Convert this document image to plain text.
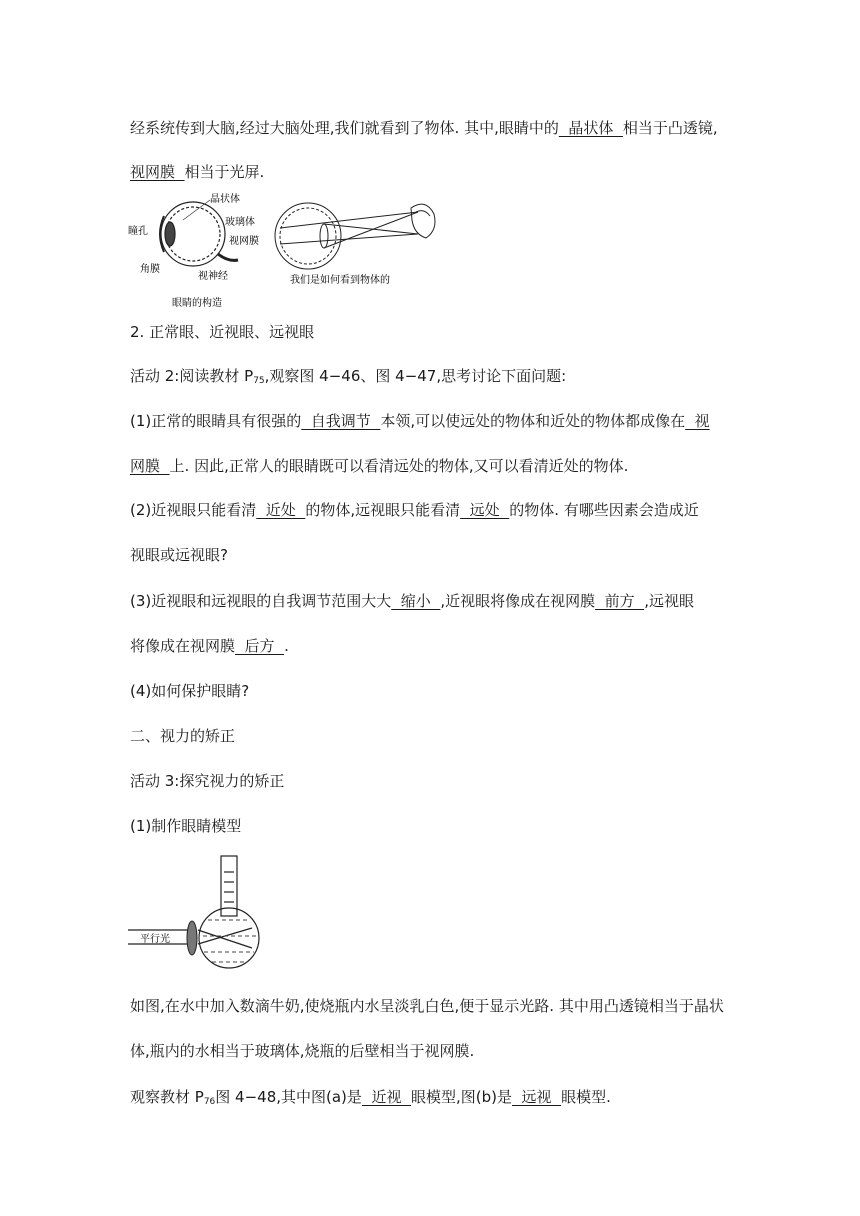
经系统传到大脑,经过大脑处理,我们就看到了物体. 其中,眼睛中的  晶状体  相当于凸透镜,
视网膜  相当于光屏.
晶状体
玻璃体
视网膜
瞳孔
角膜
视神经
眼睛的构造
我们是如何看到物体的
2. 正常眼、近视眼、远视眼
活动 2:阅读教材 $P_{75}$,观察图 4−46、图 4−47,思考讨论下面问题:
(1)正常的眼睛具有很强的  自我调节  本领,可以使远处的物体和近处的物体都成像在  视
网膜  上. 因此,正常人的眼睛既可以看清远处的物体,又可以看清近处的物体.
(2)近视眼只能看清  近处  的物体,远视眼只能看清  远处  的物体. 有哪些因素会造成近
视眼或远视眼?
(3)近视眼和远视眼的自我调节范围大大  缩小  ,近视眼将像成在视网膜  前方  ,远视眼
将像成在视网膜  后方  .
(4)如何保护眼睛?
二、视力的矫正
活动 3:探究视力的矫正
(1)制作眼睛模型
平行光
如图,在水中加入数滴牛奶,使烧瓶内水呈淡乳白色,便于显示光路. 其中用凸透镜相当于晶状
体,瓶内的水相当于玻璃体,烧瓶的后壁相当于视网膜.
观察教材 $P_{76}$图 4−48,其中图(a)是  近视  眼模型,图(b)是  远视  眼模型.
